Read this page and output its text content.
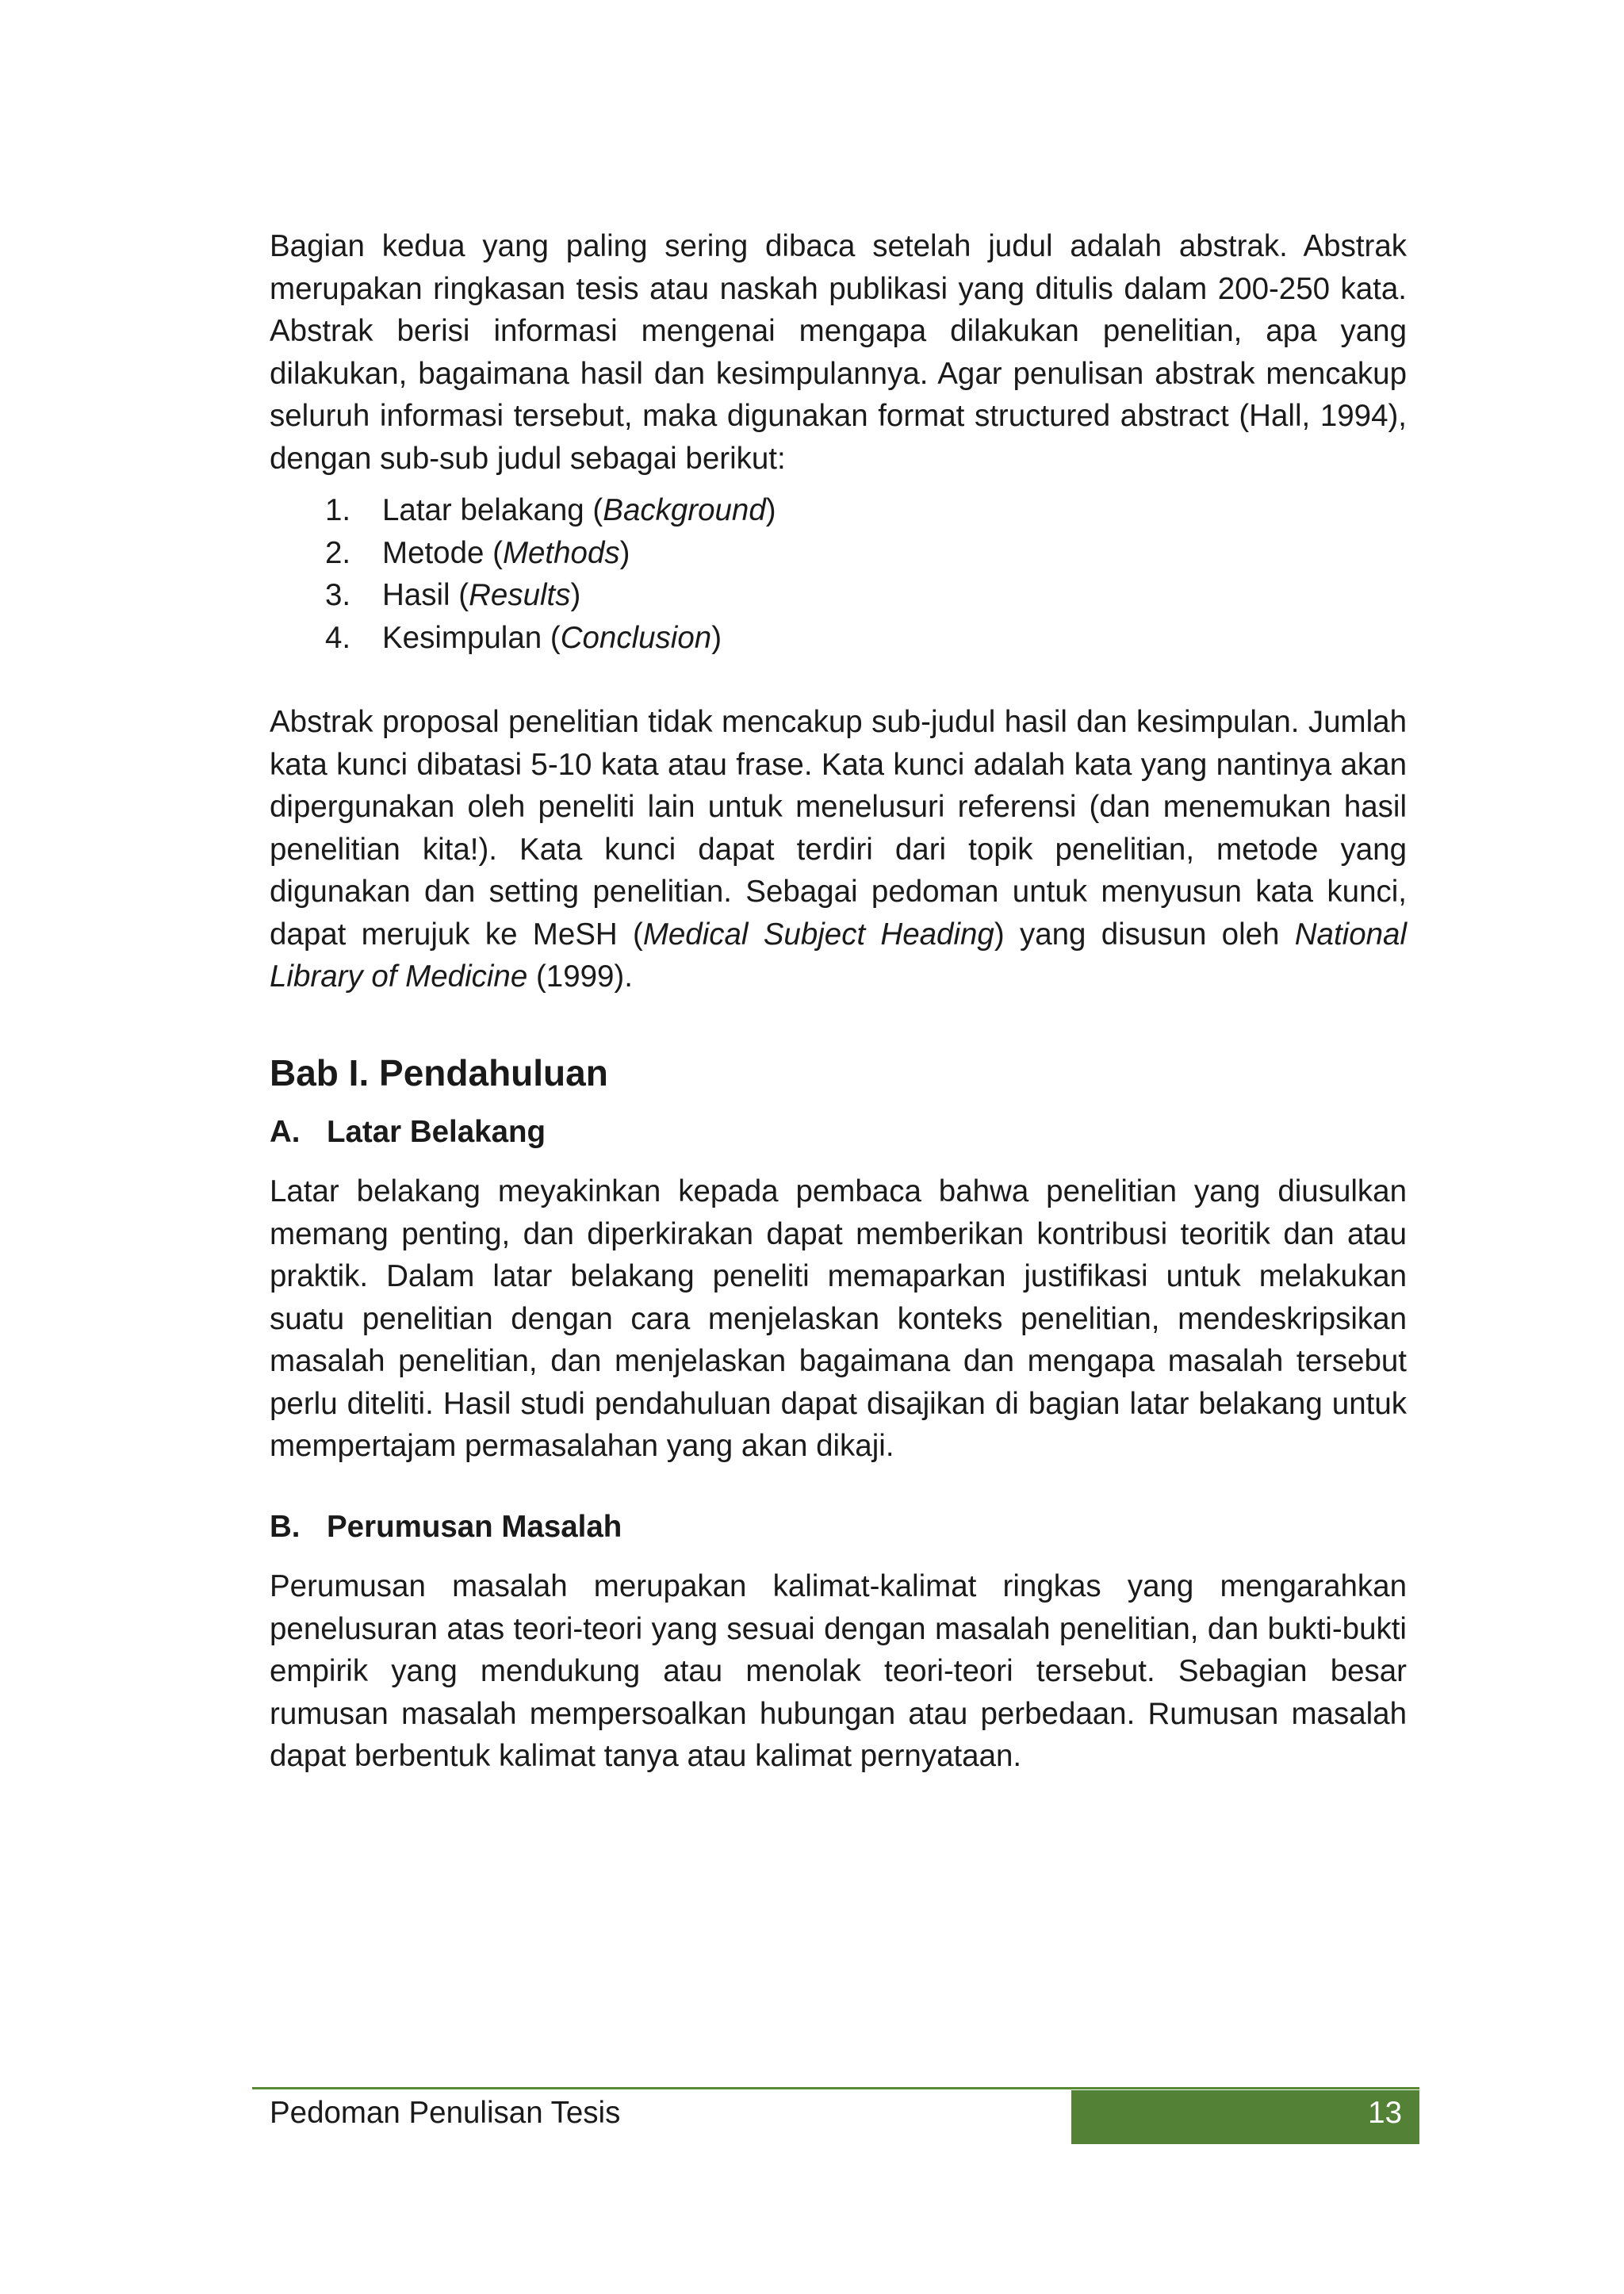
Bagian kedua yang paling sering dibaca setelah judul adalah abstrak. Abstrak merupakan ringkasan tesis atau naskah publikasi yang ditulis dalam 200-250 kata. Abstrak berisi informasi mengenai mengapa dilakukan penelitian, apa yang dilakukan, bagaimana hasil dan kesimpulannya. Agar penulisan abstrak mencakup seluruh informasi tersebut, maka digunakan format structured abstract (Hall, 1994), dengan sub-sub judul sebagai berikut:

1. Latar belakang (Background)
2. Metode (Methods)
3. Hasil (Results)
4. Kesimpulan (Conclusion)

Abstrak proposal penelitian tidak mencakup sub-judul hasil dan kesimpulan. Jumlah kata kunci dibatasi 5-10 kata atau frase. Kata kunci adalah kata yang nantinya akan dipergunakan oleh peneliti lain untuk menelusuri referensi (dan menemukan hasil penelitian kita!). Kata kunci dapat terdiri dari topik penelitian, metode yang digunakan dan setting penelitian. Sebagai pedoman untuk menyusun kata kunci, dapat merujuk ke MeSH (Medical Subject Heading) yang disusun oleh National Library of Medicine (1999).

Bab I. Pendahuluan
A. Latar Belakang

Latar belakang meyakinkan kepada pembaca bahwa penelitian yang diusulkan memang penting, dan diperkirakan dapat memberikan kontribusi teoritik dan atau praktik. Dalam latar belakang peneliti memaparkan justifikasi untuk melakukan suatu penelitian dengan cara menjelaskan konteks penelitian, mendeskripsikan masalah penelitian, dan menjelaskan bagaimana dan mengapa masalah tersebut perlu diteliti. Hasil studi pendahuluan dapat disajikan di bagian latar belakang untuk mempertajam permasalahan yang akan dikaji.

B. Perumusan Masalah

Perumusan masalah merupakan kalimat-kalimat ringkas yang mengarahkan penelusuran atas teori-teori yang sesuai dengan masalah penelitian, dan bukti-bukti empirik yang mendukung atau menolak teori-teori tersebut. Sebagian besar rumusan masalah mempersoalkan hubungan atau perbedaan. Rumusan masalah dapat berbentuk kalimat tanya atau kalimat pernyataan.

Pedoman Penulisan Tesis	13
